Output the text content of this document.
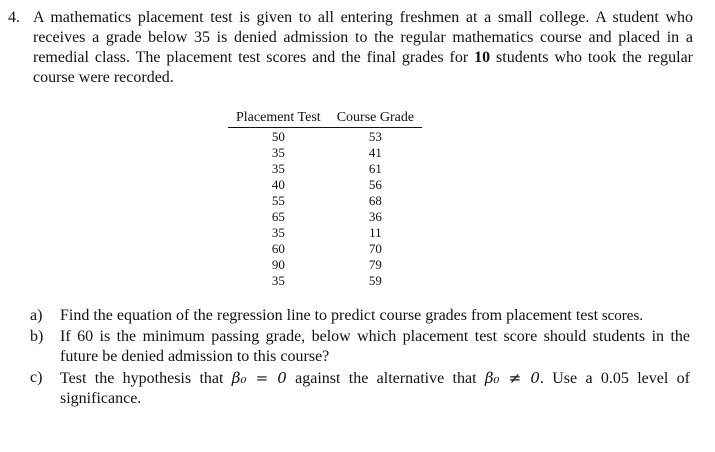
4. A mathematics placement test is given to all entering freshmen at a small college. A student who receives a grade below 35 is denied admission to the regular mathematics course and placed in a remedial class. The placement test scores and the final grades for 10 students who took the regular course were recorded.
Placement Test	Course Grade
50	53
35	41
35	61
40	56
55	68
65	36
35	11
60	70
90	79
35	59
a) Find the equation of the regression line to predict course grades from placement test scores.
b) If 60 is the minimum passing grade, below which placement test score should students in the future be denied admission to this course?
c) Test the hypothesis that β₀ = 0 against the alternative that β₀ ≠ 0. Use a 0.05 level of significance.
